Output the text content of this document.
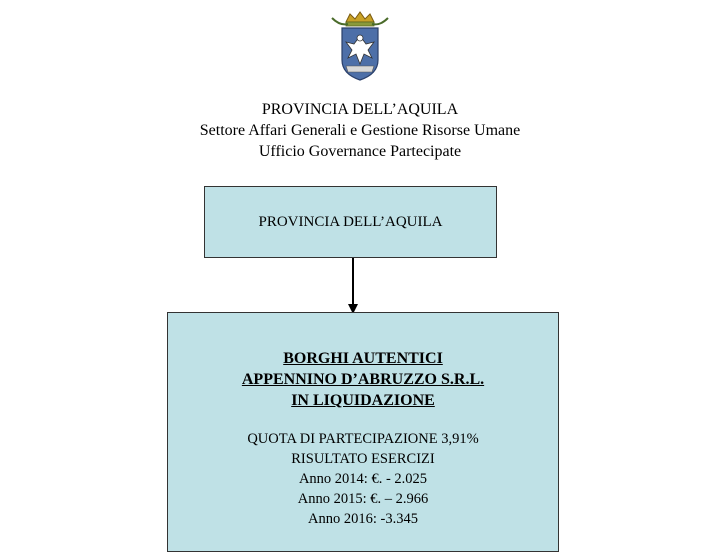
PROVINCIA DELL’AQUILA
Settore Affari Generali e Gestione Risorse Umane
Ufficio Governance Partecipate
PROVINCIA DELL’AQUILA
BORGHI AUTENTICI
APPENNINO D’ABRUZZO S.R.L.
IN LIQUIDAZIONE
QUOTA DI PARTECIPAZIONE 3,91%
RISULTATO ESERCIZI
Anno 2014: €. - 2.025
Anno 2015: €. – 2.966
Anno 2016: -3.345
